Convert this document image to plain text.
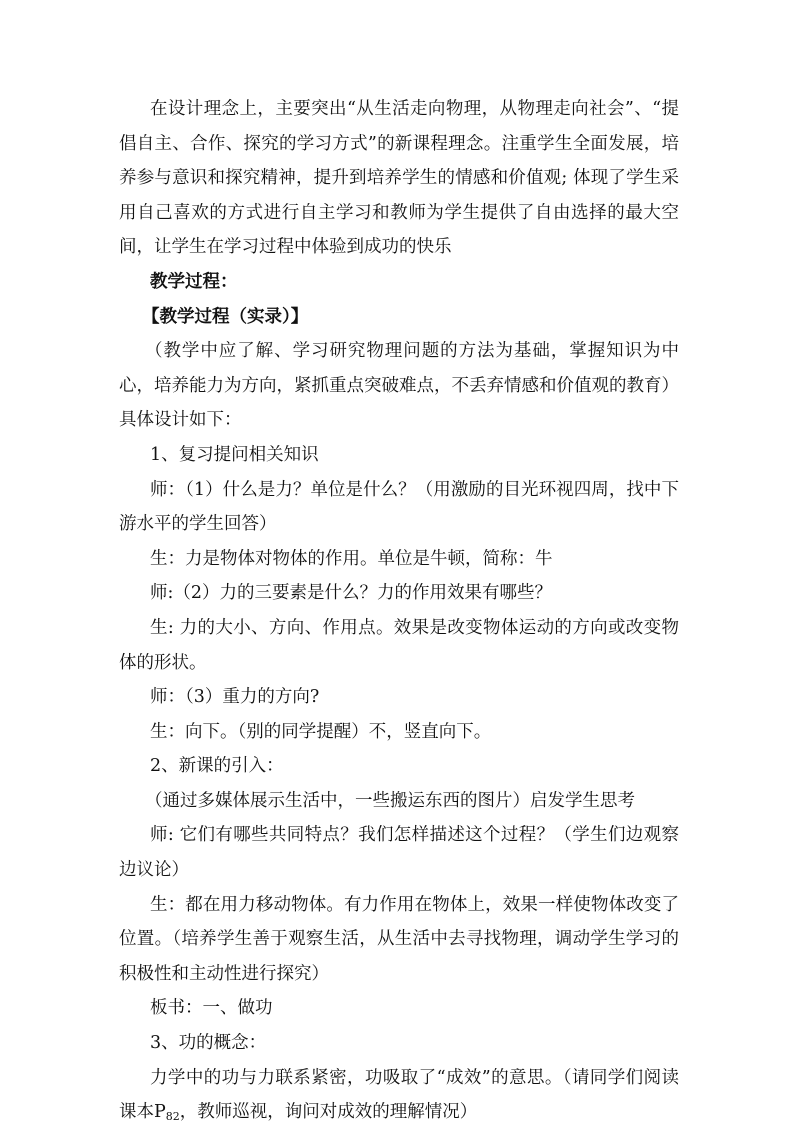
在设计理念上，主要突出“从生活走向物理，从物理走向社会”、“提倡自主、合作、探究的学习方式”的新课程理念。注重学生全面发展，培养参与意识和探究精神，提升到培养学生的情感和价值观; 体现了学生采用自己喜欢的方式进行自主学习和教师为学生提供了自由选择的最大空间，让学生在学习过程中体验到成功的快乐

教学过程：

【教学过程（实录）】

（教学中应了解、学习研究物理问题的方法为基础，掌握知识为中心，培养能力为方向，紧抓重点突破难点，不丢弃情感和价值观的教育）具体设计如下：

1、复习提问相关知识

师：（1）什么是力？单位是什么？（用激励的目光环视四周，找中下游水平的学生回答）

生：力是物体对物体的作用。单位是牛顿，简称：牛

师:（2）力的三要素是什么？力的作用效果有哪些？

生: 力的大小、方向、作用点。效果是改变物体运动的方向或改变物体的形状。

师：（3）重力的方向?

生：向下。（别的同学提醒）不，竖直向下。

2、新课的引入：

（通过多媒体展示生活中，一些搬运东西的图片）启发学生思考

师: 它们有哪些共同特点？我们怎样描述这个过程？（学生们边观察边议论）

生：都在用力移动物体。有力作用在物体上，效果一样使物体改变了位置。（培养学生善于观察生活，从生活中去寻找物理，调动学生学习的积极性和主动性进行探究）

板书：一、做功

3、功的概念：

力学中的功与力联系紧密，功吸取了“成效”的意思。（请同学们阅读课本$P_{82}$，教师巡视，询问对成效的理解情况）
